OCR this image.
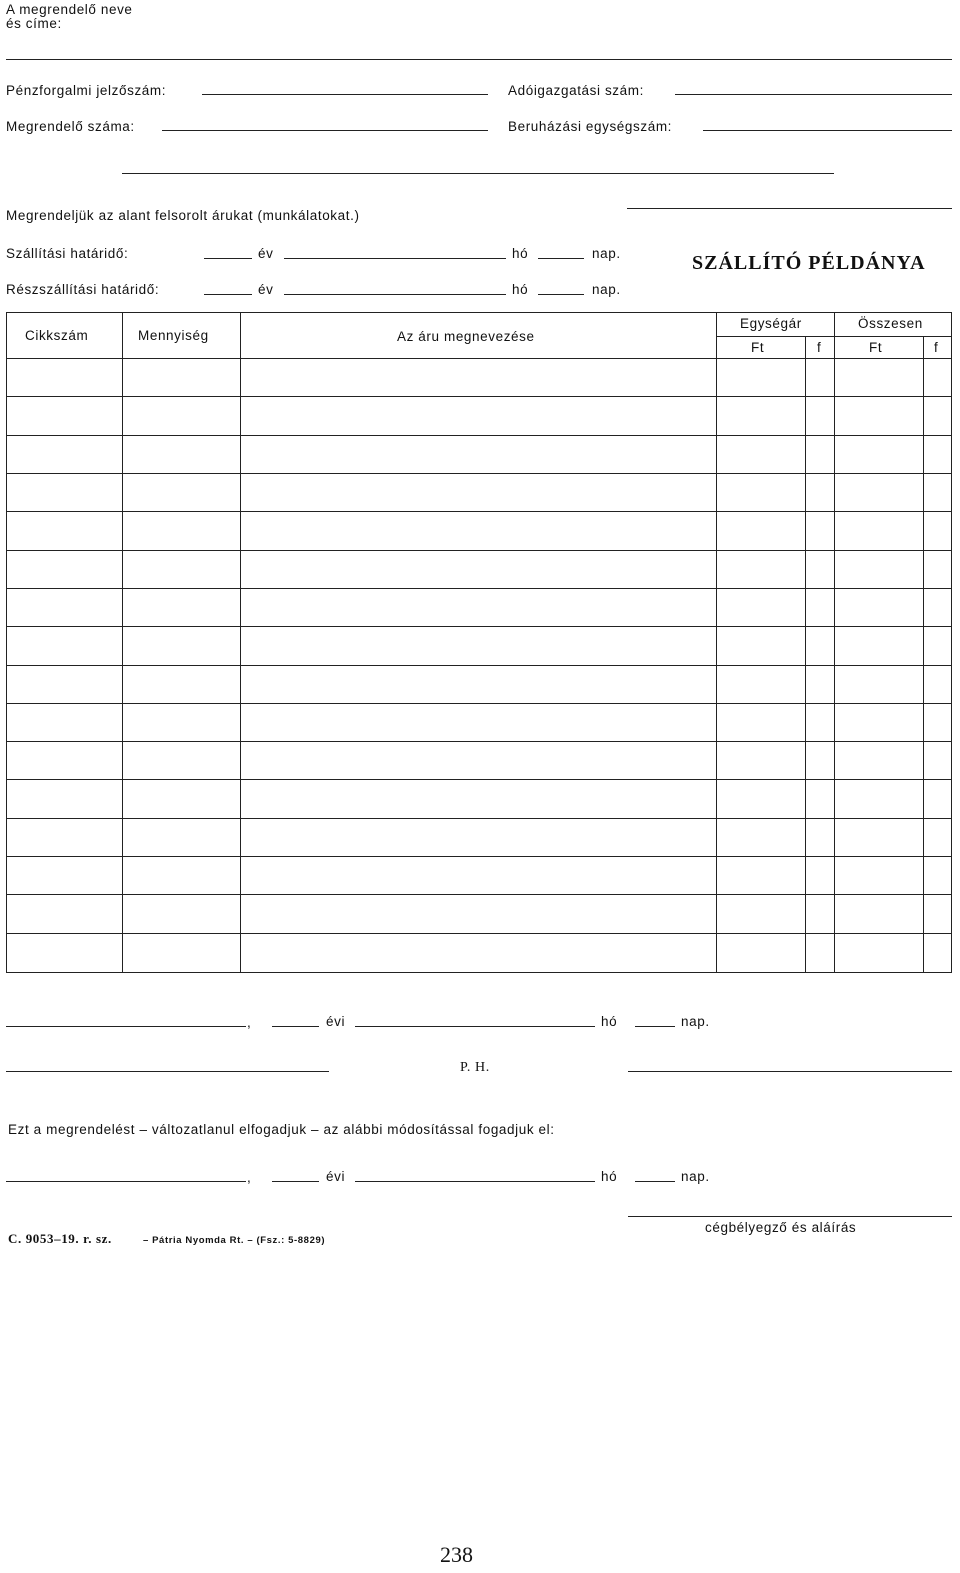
A megrendelő neve
és címe:
Pénzforgalmi jelzőszám:	Adóigazgatási szám:
Megrendelő száma:	Beruházási egységszám:
Megrendeljük az alant felsorolt árukat (munkálatokat.)
Szállítási határidő:	év	hó	nap.	SZÁLLÍTÓ PÉLDÁNYA
Részszállítási határidő:	év	hó	nap.
Cikkszám	Mennyiség	Az áru megnevezése
Egységár	Összesen
Ft	f	Ft	f
,	évi	hó	nap.
P. H.
Ezt a megrendelést – változatlanul elfogadjuk – az alábbi módosítással fogadjuk el:
,	évi	hó	nap.
cégbélyegző és aláírás
C. 9053–19. r. sz.	– Pátria Nyomda Rt. – (Fsz.: 5-8829)
238
